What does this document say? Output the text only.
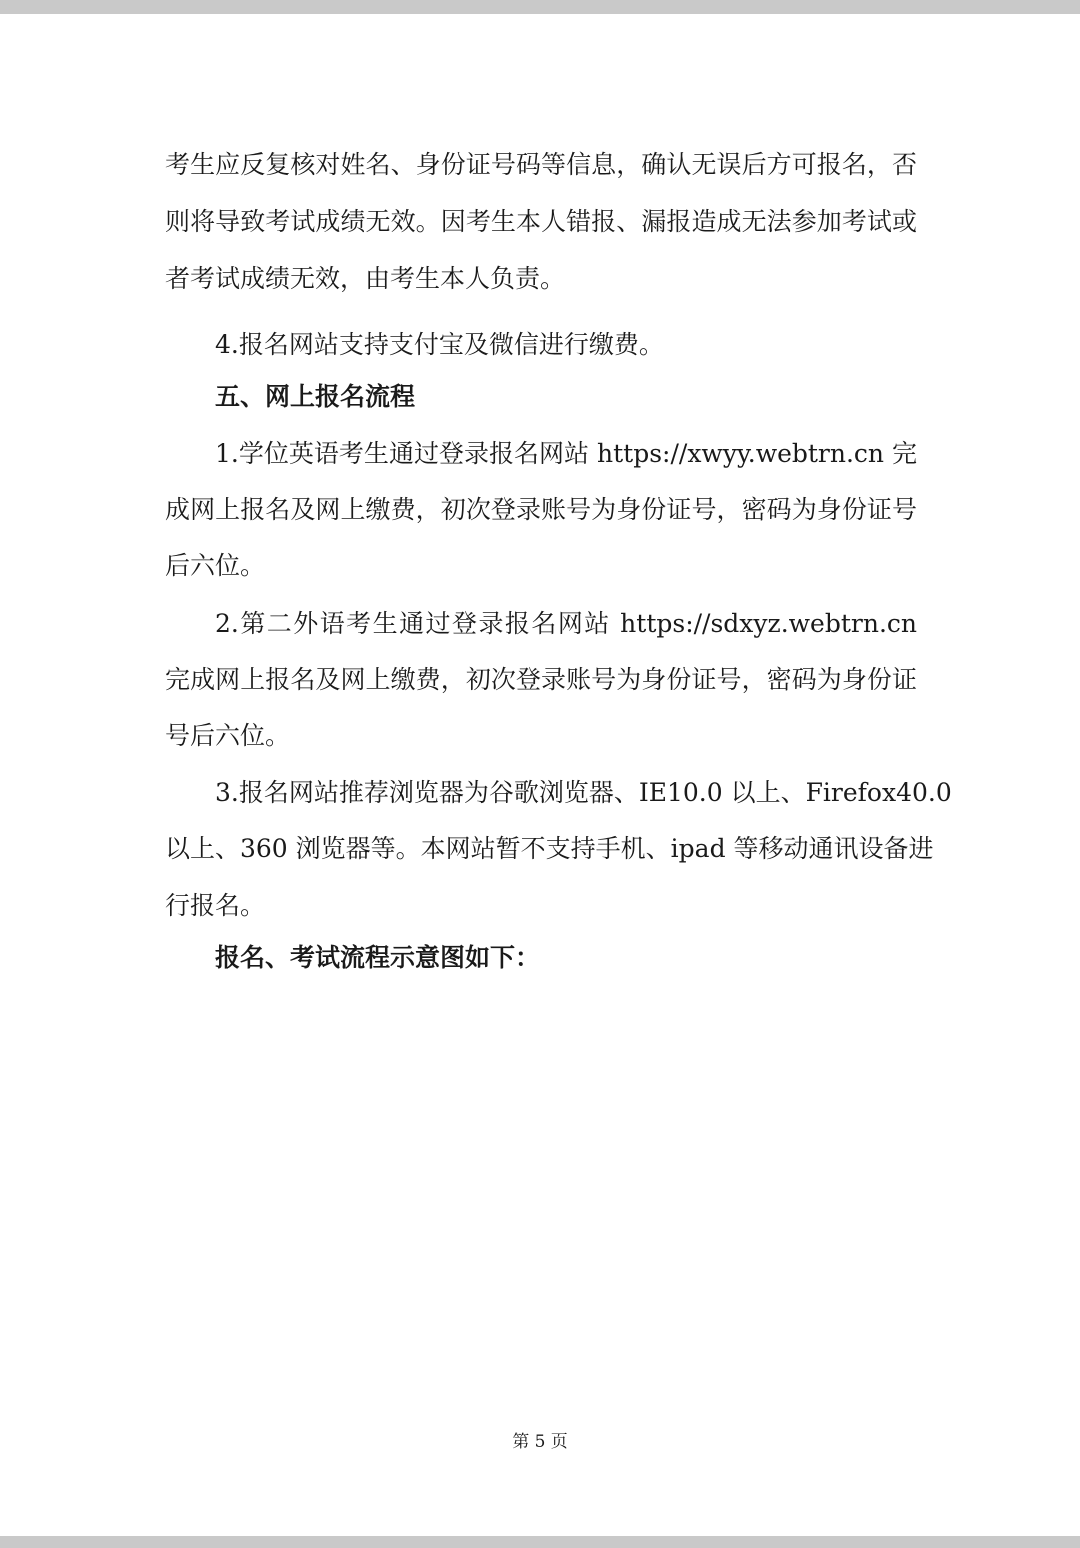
考生应反复核对姓名、身份证号码等信息，确认无误后方可报名，否
则将导致考试成绩无效。因考生本人错报、漏报造成无法参加考试或
者考试成绩无效，由考生本人负责。
4.报名网站支持支付宝及微信进行缴费。
五、网上报名流程
1.学位英语考生通过登录报名网站 https://xwyy.webtrn.cn 完
成网上报名及网上缴费，初次登录账号为身份证号，密码为身份证号
后六位。
2.第二外语考生通过登录报名网站 https://sdxyz.webtrn.cn
完成网上报名及网上缴费，初次登录账号为身份证号，密码为身份证
号后六位。
3.报名网站推荐浏览器为谷歌浏览器、IE10.0 以上、Firefox40.0
以上、360 浏览器等。本网站暂不支持手机、ipad 等移动通讯设备进
行报名。
报名、考试流程示意图如下：
第 5 页
